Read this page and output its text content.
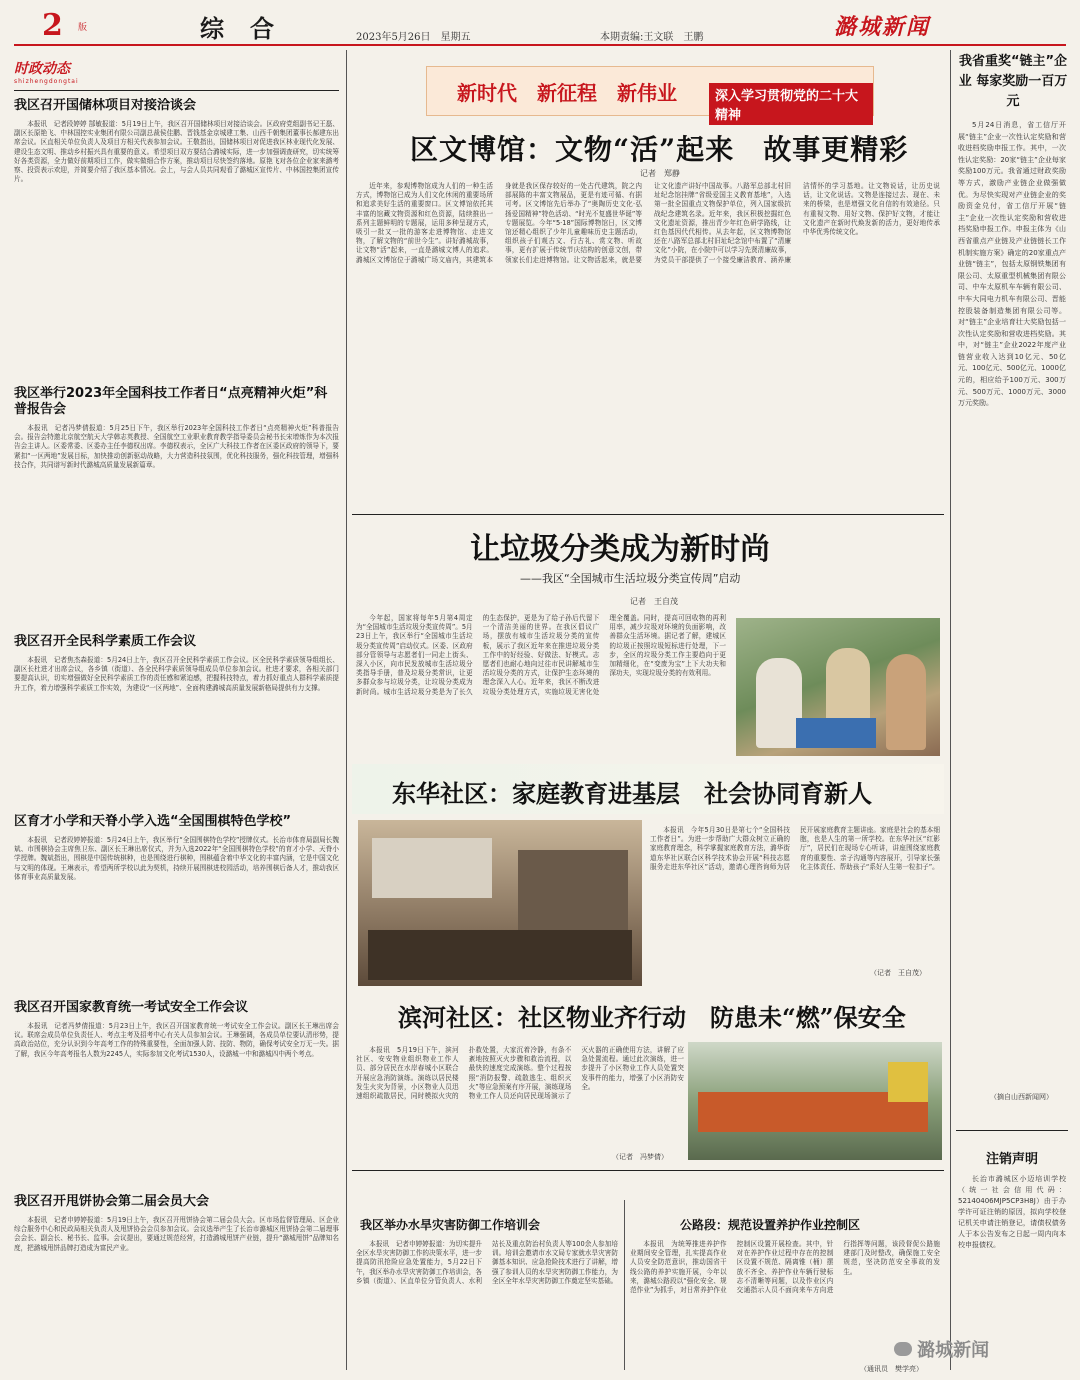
2 版	综合	2023年5月26日　星期五	本期责编:王文联　王鹏	潞城新闻
时政动态
shizhengdongtai
我区召开国储林项目对接洽谈会

本报讯　记者段婷婷 郜敏报道：5月19日上午，我区召开国储林项目对接洽谈会。区政府党组副书记王磊、副区长原艳飞、中林国控实业集团有限公司副总裁侯佳鹏、晋钱基金京城建工集、山西千朝集团董事长郝建东出席会议。区直相关单位负责人及项目方相关代表参加会议。王敬指出，国储林项目对促进我区林业现代化发展、建设生态文明、推动乡村振兴具有重要的意义。希望项目双方要结合潞城实际，进一步加强调查研究，切实统筹好各类资源，全力做好前期项目工作，做实做细合作方案，推动项目尽快签约落地。原艳飞对各位企业家来潞考察、投资表示欢迎，并简要介绍了我区基本情况。会上，与会人员共同观看了潞城区宣传片、中林国控集团宣传片。

我区举行2023年全国科技工作者日“点亮精神火炬”科普报告会

本报讯　记者冯梦倩报道：5月25日下午，我区举行2023年全国科技工作者日“点亮精神火炬”科普报告会。报告会特邀北京航空航天大学韩志英教授、全国航空工业职业教育教学指导委员会秘书长宋增炼作为本次报告会主讲人。区委常委、区委办主任李德权出席。李德权表示，全区广大科技工作者在区委区政府的领导下，要紧扣“一区两地”发展目标，加快推动创新驱动战略，大力营造科技氛围，优化科技服务，强化科技管理，增强科技合作，共同谱写新时代潞城高质量发展新篇章。

我区召开全民科学素质工作会议

本报讯　记者焦杰森报道：5月24日上午，我区召开全民科学素质工作会议。区全民科学素质领导组组长、副区长杜进才出席会议，各乡镇（街道）、各全民科学素质领导组成员单位参加会议。杜进才要求，各相关部门要提高认识，切实增强做好全民科学素质工作的责任感和紧迫感，把握科技特点，着力抓好重点人群科学素质提升工作，着力增强科学素质工作实效，为建设“一区两地”、全面构建潞城高质量发展新格局提供有力支撑。

区育才小学和天脊小学入选“全国围棋特色学校”

本报讯　记者段婷婷报道：5月24日上午，我区举行“全国围棋特色学校”授牌仪式。长治市体育局副局长魏斌、市围棋协会主席焦卫东、副区长王琳出席仪式，并为入选2022年“全国围棋特色学校”的育才小学、天脊小学授牌。魏斌指出，围棋是中国传统棋种，也是围绕进行棋种，围棋蕴含着中华文化的丰富内涵，它是中国文化与文明的体现。王琳表示，希望两所学校以此为契机，持续开展围棋进校园活动，培养围棋后备人才，推动我区体育事业高质量发展。

我区召开国家教育统一考试安全工作会议

本报讯　记者冯梦倩报道：5月23日上午，我区召开国家教育统一考试安全工作会议。副区长王琳出席会议。联席会成员单位负责任人、考点主考及招考中心有关人员参加会议。王琳强调，各成员单位要认清形势，提高政治站位，充分认识到今年高考工作的特殊重要性，全面加强人防、技防、物防，确保考试安全万无一失。据了解，我区今年高考报名人数为2245人，实际参加文化考试1530人，设潞城一中和潞城四中两个考点。

我区召开甩饼协会第二届会员大会

本报讯　记者申婷婷报道：5月19日上午，我区召开甩饼协会第二届会员大会。区市场监督管理局、区企业综合服务中心和民政局相关负责人及甩饼协会会员参加会议。会议选举产生了长治市潞城区甩饼协会第二届理事会会长、副会长、秘书长、监事。会议提出，要通过规范经营，打造潞城甩饼产业链，提升“潞城甩饼”品牌知名度，把潞城甩饼品牌打造成为富民产业。

新时代　新征程　新伟业	深入学习贯彻党的二十大精神
区文博馆：文物“活”起来　故事更精彩
记者　郑静

近年来，参观博物馆成为人们的一种生活方式，博物馆已成为人们文化休闲的重要场所和追求美好生活的重要窗口。区文博馆依托其丰富的馆藏文物资源和红色资源，陆续推出一系列主题鲜明的专题展，运用多种呈现方式，吸引一批又一批的游客走进博物馆、走进文物，了解文物的“前世今生”。讲好潞城故事，让文物“活”起来，一直是潞城文博人的追求。潞城区文博馆位于潞城广场文庙内，其建筑本身就是我区保存较好的一处古代建筑，院之内部展陈的丰富文物展品，更是有迹可循、有据可考。区文博馆先后举办了“奥陶历史文化·弘扬爱国精神”特色活动、“时光不复盛世华诞”等专题展览。今年“5·18”国际博物馆日，区文博馆还精心组织了少年儿童趣味历史主题活动，组织孩子们观古文、行古礼、赏文物、听故事，更有扩展于传统节庆结构的创意文创，带领家长们走进博物馆。让文物活起来，就是要让文化遗产讲好中国故事。八路军总部北村旧址纪念馆挂牌“省级爱国主义教育基地”，入选第一批全国重点文物保护单位，列入国家级抗战纪念建筑名录。近年来，我区积极挖掘红色文化遗址资源，推出青少年红色研学路线，让红色基因代代相传。从去年起，区文物博物馆还在八路军总部北村旧址纪念馆中布置了“清廉文化”小院，在小院中可以学习先贤清廉故事，为党员干部提供了一个接受廉洁教育、涵养廉洁情怀的学习基地。让文物说话，让历史说话，让文化说话。文物是连接过去、现在、未来的桥梁，也是增强文化自信的有效途径。只有重视文物、用好文物、保护好文物，才能让文化遗产在新时代焕发新的活力，更好地传承中华优秀传统文化。

让垃圾分类成为新时尚
——我区“全国城市生活垃圾分类宣传周”启动
记者　王自茂

今年起，国家将每年5月第4周定为“全国城市生活垃圾分类宣传周”。5月23日上午，我区举行“全国城市生活垃圾分类宣传周”启动仪式。区委、区政府部分管领导与志愿者们一同走上街头、深入小区，向市民发放城市生活垃圾分类指导手册，普及垃圾分类常识，让更多群众参与垃圾分类，让垃圾分类成为新时尚。城市生活垃圾分类是为了长久的生态保护，更是为了给子孙后代留下一个清洁美丽的世界。在我区倡议广场，摆放有城市生活垃圾分类的宣传板，展示了我区近年来在推进垃圾分类工作中的好经验、好做法、好模式。志愿者们也耐心地向过往市民讲解城市生活垃圾分类的方式，让保护生态环境的理念深入人心。近年来，我区不断改进垃圾分类处理方式，实施垃圾无害化处理全覆盖。同时，提高可回收物的再利用率，减少垃圾对环境的负面影响，改善群众生活环境。据记者了解，建城区的垃圾正按照垃圾短标进行处理，下一步，全区的垃圾分类工作主要趋向于更加精细化，在“变废为宝”上下大功夫和深功夫，实现垃圾分类的有效利用。

东华社区：家庭教育进基层　社会协同育新人

本报讯　今年5月30日是第七个“全国科技工作者日”。为进一步帮助广大群众树立正确的家庭教育理念，科学掌握家庭教育方法，潞华街道东华社区联合区科学技术协会开展“科技志愿服务走进东华社区”活动，邀请心理咨询师为居民开展家庭教育主题讲座。家庭是社会的基本细胞，也是人生的第一所学校。在东华社区“红影厅”，居民们在现场专心听讲，讲座围绕家庭教育的重要性、亲子沟通等内容展开，引导家长强化主体责任、帮助孩子“系好人生第一粒扣子”。

（记者　王自茂）
滨河社区：社区物业齐行动　防患未“燃”保安全

本报讯　5月19日下午，滨河社区、安安物业组织物业工作人员、部分居民在水岸春城小区联合开展应急消防演练。演练以居民楼发生火灾为背景，小区物业人员迅速组织疏散居民，同时模拟火灾的扑救处置，大家沉着冷静，有条不紊地按照灭火步骤和救治流程，以最快的速度完成演练。整个过程按照“消防报警、疏散逃生、组织灭火”等应急预案有序开展，演练现场物业工作人员还向居民现场演示了灭火器的正确使用方法，讲解了应急处置流程。通过此次演练，进一步提升了小区物业工作人员处置突发事件的能力，增强了小区消防安全。

（记者　冯梦倩）
我区举办水旱灾害防御工作培训会

本报讯　记者申婷婷报道：为切实提升全区水旱灾害防御工作的决策水平，进一步提高防汛抢险应急处置能力，5月22日下午，我区举办水旱灾害防御工作培训会，各乡镇（街道）、区直单位分管负责人、水利站长及重点防治村负责人等100余人参加培训。培训会邀请市水文局专家就水旱灾害防御基本知识、应急抢险技术进行了讲解，增强了参训人员的水旱灾害防御工作能力，为全区全年水旱灾害防御工作奠定坚实基础。

公路段：规范设置养护作业控制区

本报讯　为统筹推进养护作业期间安全管理，扎实提高作业人员安全防范意识，推动国省干线公路的养护实施开展，今年以来，潞城公路段以“强化安全、规范作业”为抓手，对日常养护作业控制区设置开展检查。其中，针对在养护作业过程中存在的控制区设置不规范、隔离锥（桶）摆放不齐全、养护作业车辆行驶标志不清晰等问题，以及作业区内交通指示人员不面向来车方向进行指挥等问题，该段督促公路施建部门及时整改，确保施工安全规范，坚决防范安全事故的发生。

（通讯员　樊学亮）
我省重奖“链主”企业 每家奖励一百万元

5月24日消息，省工信厅开展“链主”企业一次性认定奖励和营收进档奖励申报工作。其中，一次性认定奖励：20家“链主”企业每家奖励100万元。我省通过财政奖励等方式，激励产业链企业做强做优。为尽快实现对产业链企业的奖励资金兑付，省工信厅开展“链主”企业一次性认定奖励和营收进档奖励申报工作。申报主体为《山西省重点产业链及产业链链长工作机制实施方案》确定的20家重点产业链“链主”，包括太原钢铁集团有限公司、太原重型机械集团有限公司、中车太原机车车辆有限公司、中车大同电力机车有限公司、晋能控股装备制造集团有限公司等。对“链主”企业培育壮大奖励包括一次性认定奖励和营收进档奖励。其中，对“链主”企业2022年度产业链营业收入达到10亿元、50亿元、100亿元、500亿元、1000亿元的，相应给予100万元、300万元、500万元、1000万元、3000万元奖励。

（摘自山西新闻网）
注销声明

长治市潞城区小迈培训学校（统一社会信用代码：52140406MJP5CP3H8J）由于办学许可证注销的原因，拟向学校登记机关申请注销登记，请债权债务人于本公告发布之日起一周内向本校申报债权。

潞城新闻
